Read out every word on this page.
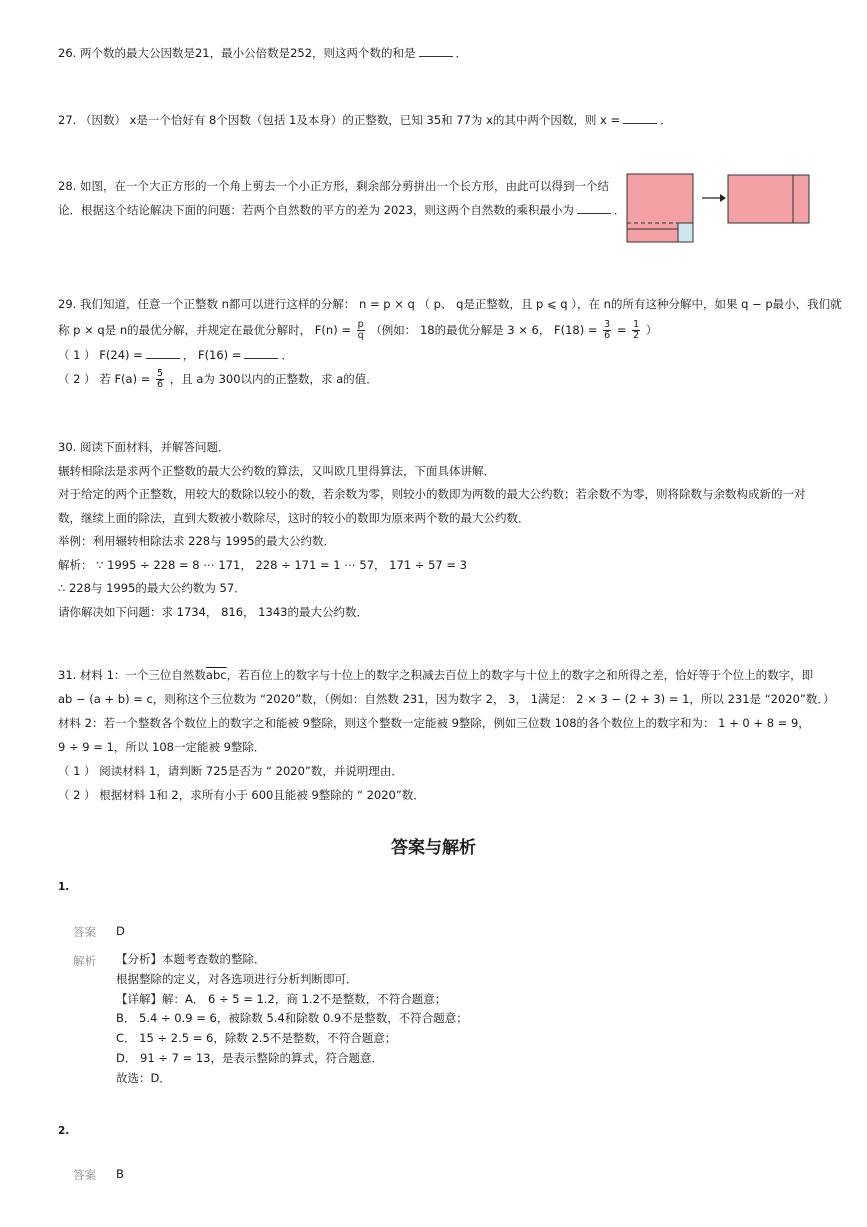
26. 两个数的最大公因数是21，最小公倍数是252，则这两个数的和是	．
27. （因数） x是一个恰好有 8个因数（包括 1及本身）的正整数，已知 35和 77为 x的其中两个因数，则 x =	．
28. 如图，在一个大正方形的一个角上剪去一个小正方形，剩余部分剪拼出一个长方形，由此可以得到一个结
论．根据这个结论解决下面的问题：若两个自然数的平方的差为 2023，则这两个自然数的乘积最小为	．
29. 我们知道，任意一个正整数 n都可以进行这样的分解： n = p × q （ p、 q是正整数，且 p ⩽ q ），在 n的所有这种分解中，如果 q − p最小，我们就
称 p × q是 n的最优分解，并规定在最优分解时， $F(n) = \frac{p}{q}$ （例如： 18的最优分解是 3 × 6， $F(18) = \frac{3}{6} = \frac{1}{2}$ ）
（ 1 ） F(24) =	， F(16) =	．
（ 2 ） 若 $F(a) = \frac{5}{6}$ ，且 a为 300以内的正整数，求 a的值．
30. 阅读下面材料，并解答问题．
辗转相除法是求两个正整数的最大公约数的算法，又叫欧几里得算法，下面具体讲解．
对于给定的两个正整数，用较大的数除以较小的数，若余数为零，则较小的数即为两数的最大公约数；若余数不为零，则将除数与余数构成新的一对
数，继续上面的除法，直到大数被小数除尽，这时的较小的数即为原来两个数的最大公约数．
举例：利用辗转相除法求 228与 1995的最大公约数．
解析： ∵ 1995 ÷ 228 = 8 ⋯ 171， 228 ÷ 171 = 1 ⋯ 57， 171 ÷ 57 = 3
∴ 228与 1995的最大公约数为 57．
请你解决如下问题：求 1734， 816， 1343的最大公约数．
31. 材料 1：一个三位自然数$\overline{abc}$，若百位上的数字与十位上的数字之积减去百位上的数字与十位上的数字之和所得之差，恰好等于个位上的数字，即
ab − (a + b) = c，则称这个三位数为 “2020”数，（例如：自然数 231，因为数字 2， 3， 1满足： 2 × 3 − (2 + 3) = 1，所以 231是 “2020”数．）
材料 2：若一个整数各个数位上的数字之和能被 9整除，则这个整数一定能被 9整除，例如三位数 108的各个数位上的数字和为： 1 + 0 + 8 = 9，
9 ÷ 9 = 1，所以 108一定能被 9整除．
（ 1 ） 阅读材料 1，请判断 725是否为 “ 2020”数，并说明理由．
（ 2 ） 根据材料 1和 2，求所有小于 600且能被 9整除的 “ 2020”数．
答案与解析
1.
答案 D
解析 【分析】本题考查数的整除．
根据整除的定义，对各选项进行分析判断即可．
【详解】解：A． 6 ÷ 5 = 1.2，商 1.2不是整数，不符合题意；
B． 5.4 ÷ 0.9 = 6，被除数 5.4和除数 0.9不是整数，不符合题意；
C． 15 ÷ 2.5 = 6，除数 2.5不是整数，不符合题意；
D． 91 ÷ 7 = 13，是表示整除的算式，符合题意．
故选：D．
2.
答案 B
